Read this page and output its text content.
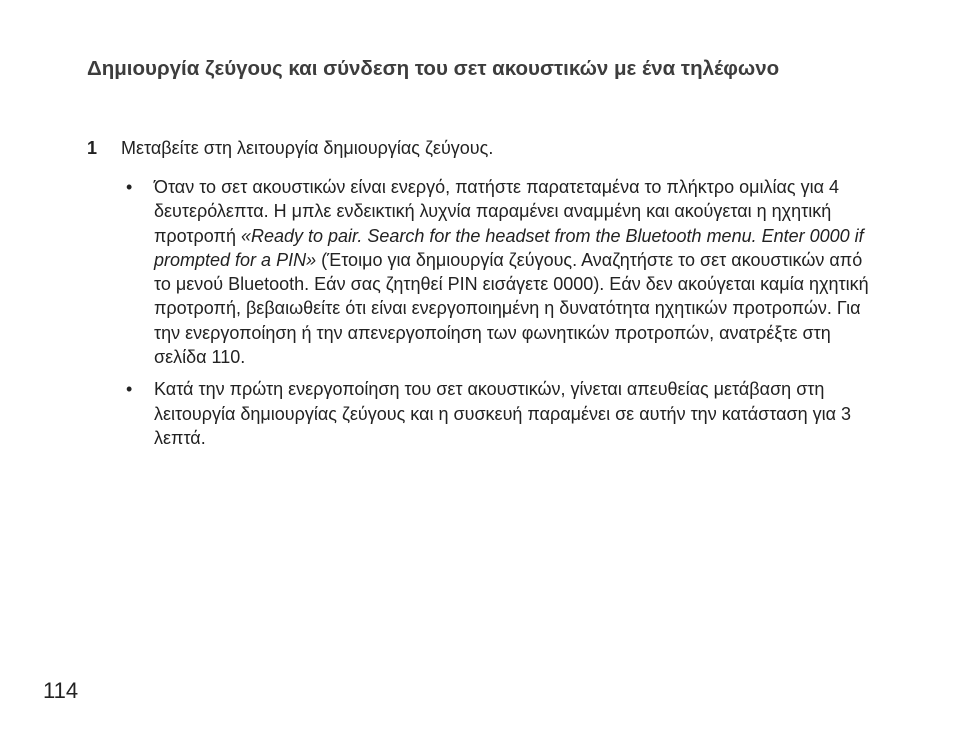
Δημιουργία ζεύγους και σύνδεση του σετ ακουστικών με ένα τηλέφωνο
1 Μεταβείτε στη λειτουργία δημιουργίας ζεύγους.
• Όταν το σετ ακουστικών είναι ενεργό, πατήστε παρατεταμένα το πλήκτρο ομιλίας για 4 δευτερόλεπτα. Η μπλε ενδεικτική λυχνία παραμένει αναμμένη και ακούγεται η ηχητική προτροπή «Ready to pair. Search for the headset from the Bluetooth menu. Enter 0000 if prompted for a PIN» (Έτοιμο για δημιουργία ζεύγους. Αναζητήστε το σετ ακουστικών από το μενού Bluetooth. Εάν σας ζητηθεί PIN εισάγετε 0000). Εάν δεν ακούγεται καμία ηχητική προτροπή, βεβαιωθείτε ότι είναι ενεργοποιημένη η δυνατότητα ηχητικών προτροπών. Για την ενεργοποίηση ή την απενεργοποίηση των φωνητικών προτροπών, ανατρέξτε στη σελίδα 110.
• Κατά την πρώτη ενεργοποίηση του σετ ακουστικών, γίνεται απευθείας μετάβαση στη λειτουργία δημιουργίας ζεύγους και η συσκευή παραμένει σε αυτήν την κατάσταση για 3 λεπτά.
114
